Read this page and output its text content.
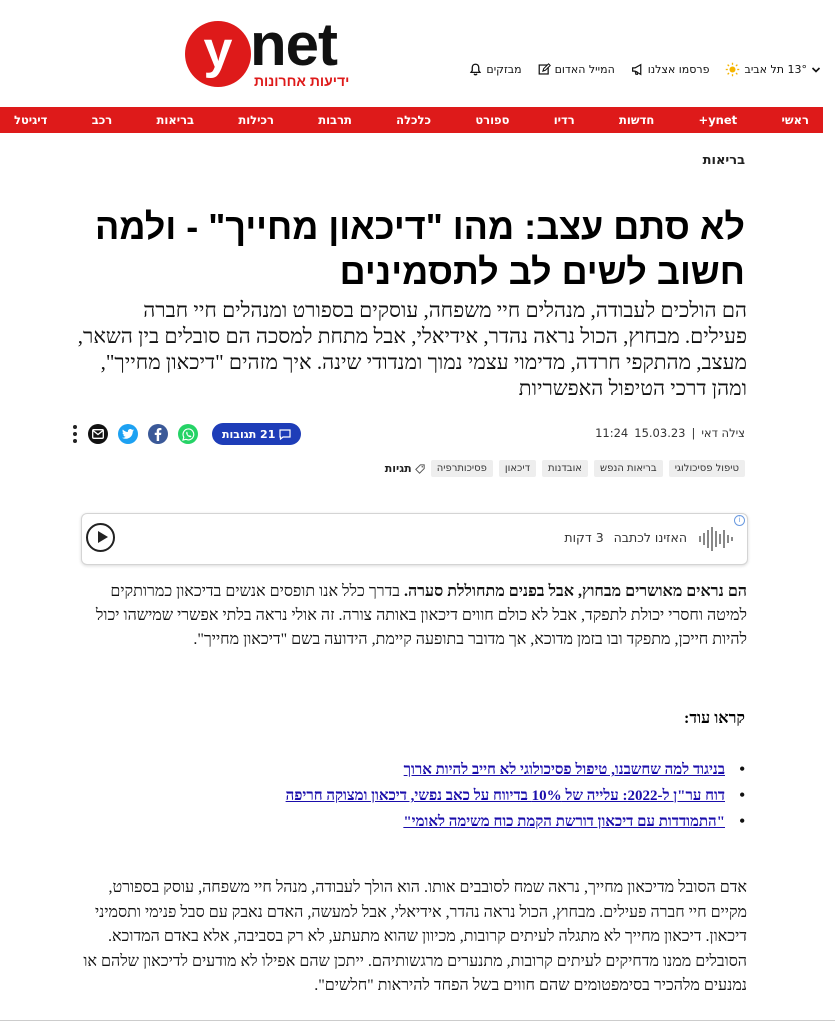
y net
ידיעות אחרונות
מבזקים	המייל האדום	פרסמו אצלנו	13° תל אביב
ראשי
ynet+
חדשות
רדיו
ספורט
כלכלה
תרבות
רכילות
בריאות
רכב
דיגיטל
בריאות
לא סתם עצב: מהו "דיכאון מחייך" - ולמה חשוב לשים לב לתסמינים

הם הולכים לעבודה, מנהלים חיי משפחה, עוסקים בספורט ומנהלים חיי חברה פעילים. מבחוץ, הכול נראה נהדר, אידיאלי, אבל מתחת למסכה הם סובלים בין השאר, מעצב, מהתקפי חרדה, מדימוי עצמי נמוך ומנדודי שינה. איך מזהים "דיכאון מחייך", ומהן דרכי הטיפול האפשריות

צילה דאי
|
15.03.23
11:24
21 תגובות
תגיות	פסיכותרפיה	דיכאון	אובדנות	בריאות הנפש	טיפול פסיכולוגי
האזינו לכתבה
3 דקות
i

הם נראים מאושרים מבחוץ, אבל בפנים מתחוללת סערה. בדרך כלל אנו תופסים אנשים בדיכאון כמרותקים למיטה וחסרי יכולת לתפקד, אבל לא כולם חווים דיכאון באותה צורה. זה אולי נראה בלתי אפשרי שמישהו יכול להיות חייכן, מתפקד ובו בזמן מדוכא, אך מדובר בתופעה קיימת, הידועה בשם "דיכאון מחייך".

קראו עוד:
• בניגוד למה שחשבנו, טיפול פסיכולוגי לא חייב להיות ארוך
• דוח ער"ן ל-2022: עלייה של 10% בדיווח על כאב נפשי, דיכאון ומצוקה חריפה
• "התמודדות עם דיכאון דורשת הקמת כוח משימה לאומי"

אדם הסובל מדיכאון מחייך, נראה שמח לסובבים אותו. הוא הולך לעבודה, מנהל חיי משפחה, עוסק בספורט, מקיים חיי חברה פעילים. מבחוץ, הכול נראה נהדר, אידיאלי, אבל למעשה, האדם נאבק עם סבל פנימי ותסמיני דיכאון. דיכאון מחייך לא מתגלה לעיתים קרובות, מכיוון שהוא מתעתע, לא רק בסביבה, אלא באדם המדוכא. הסובלים ממנו מדחיקים לעיתים קרובות, מתנערים מרגשותיהם. ייתכן שהם אפילו לא מודעים לדיכאון שלהם או נמנעים מלהכיר בסימפטומים שהם חווים בשל הפחד להיראות "חלשים".
